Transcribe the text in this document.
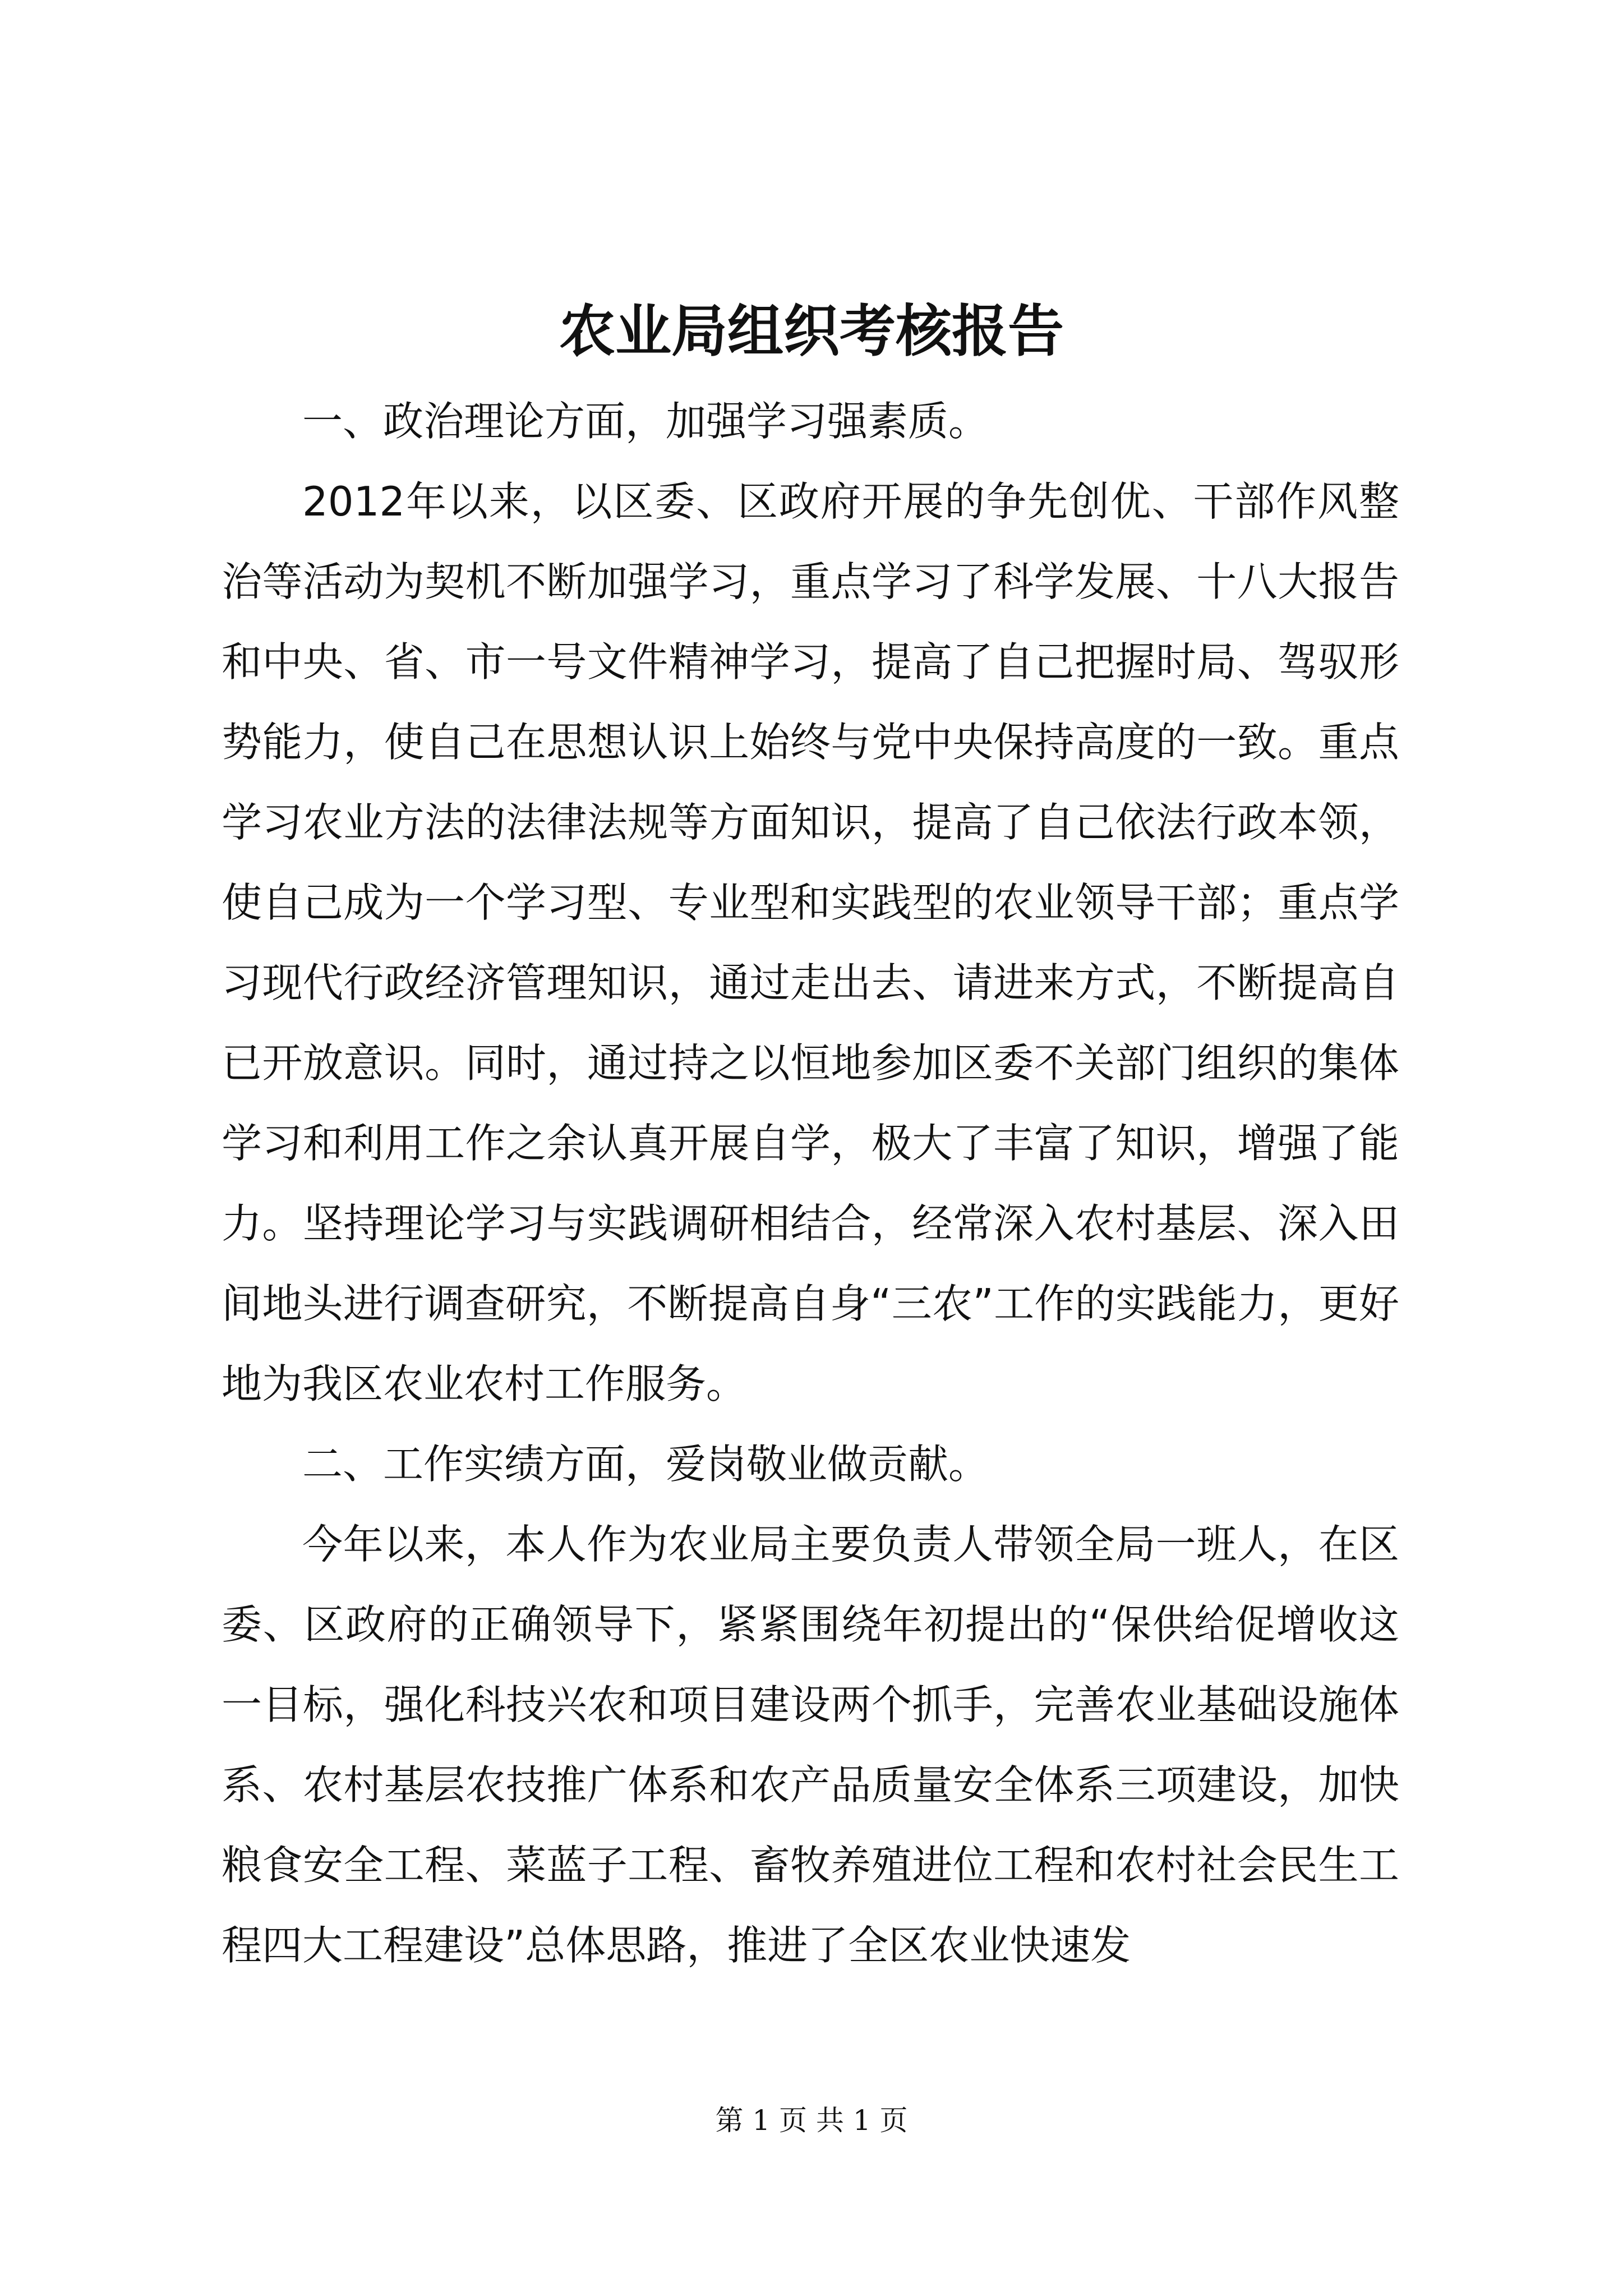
农业局组织考核报告

一、政治理论方面，加强学习强素质。

2012年以来，以区委、区政府开展的争先创优、干部作风整治等活动为契机不断加强学习，重点学习了科学发展、十八大报告和中央、省、市一号文件精神学习，提高了自己把握时局、驾驭形势能力，使自己在思想认识上始终与党中央保持高度的一致。重点学习农业方法的法律法规等方面知识，提高了自己依法行政本领，使自己成为一个学习型、专业型和实践型的农业领导干部；重点学习现代行政经济管理知识，通过走出去、请进来方式，不断提高自已开放意识。同时，通过持之以恒地参加区委不关部门组织的集体学习和利用工作之余认真开展自学，极大了丰富了知识，增强了能力。坚持理论学习与实践调研相结合，经常深入农村基层、深入田间地头进行调查研究，不断提高自身“三农”工作的实践能力，更好地为我区农业农村工作服务。

二、工作实绩方面，爱岗敬业做贡献。

今年以来，本人作为农业局主要负责人带领全局一班人，在区委、区政府的正确领导下，紧紧围绕年初提出的“保供给促增收这一目标，强化科技兴农和项目建设两个抓手，完善农业基础设施体系、农村基层农技推广体系和农产品质量安全体系三项建设，加快粮食安全工程、菜蓝子工程、畜牧养殖进位工程和农村社会民生工程四大工程建设”总体思路，推进了全区农业快速发

第 1 页 共 1 页
